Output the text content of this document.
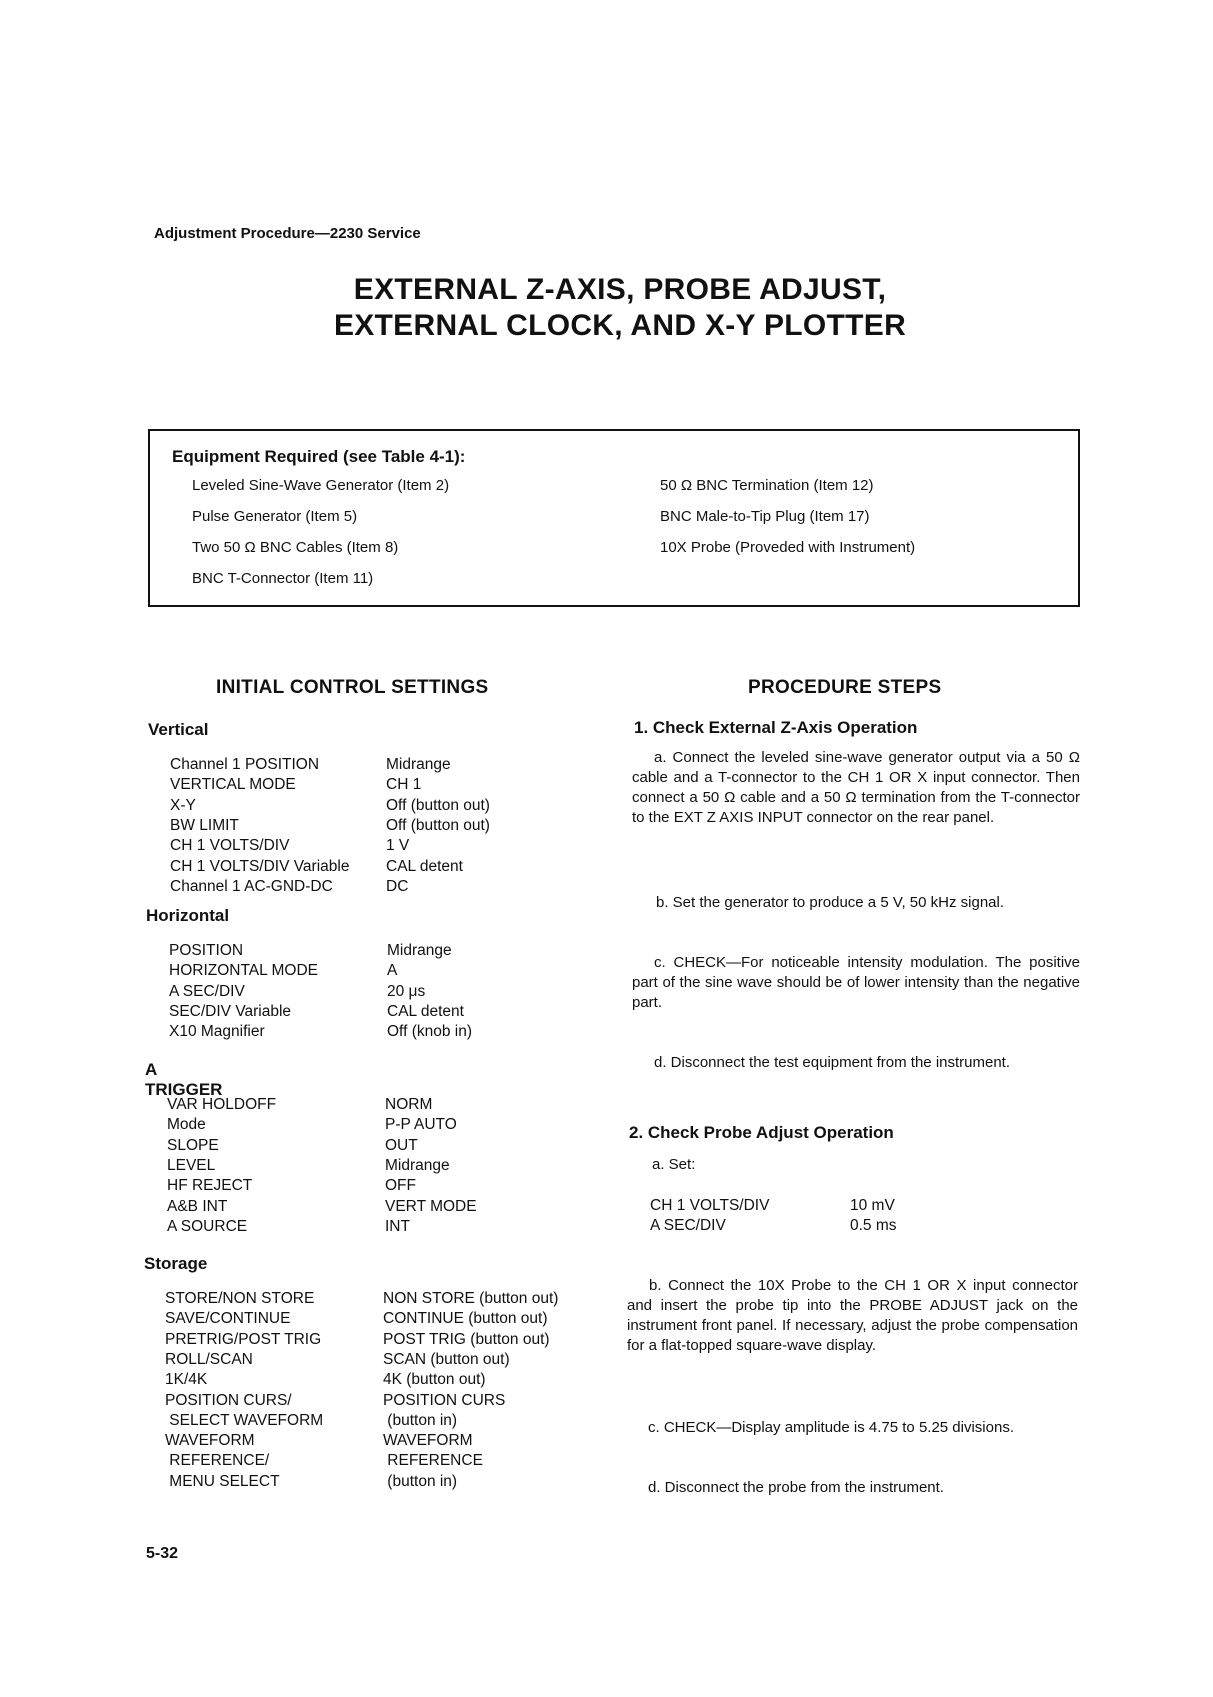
Adjustment Procedure—2230 Service
EXTERNAL Z-AXIS, PROBE ADJUST,
EXTERNAL CLOCK, AND X-Y PLOTTER
Equipment Required (see Table 4-1):
Leveled Sine-Wave Generator (Item 2)
Pulse Generator (Item 5)
Two 50 Ω BNC Cables (Item 8)
BNC T-Connector (Item 11)
50 Ω BNC Termination (Item 12)
BNC Male-to-Tip Plug (Item 17)
10X Probe (Proveded with Instrument)
INITIAL CONTROL SETTINGS	PROCEDURE STEPS
Vertical
Channel 1 POSITION	Midrange
VERTICAL MODE	CH 1
X-Y	Off (button out)
BW LIMIT	Off (button out)
CH 1 VOLTS/DIV	1 V
CH 1 VOLTS/DIV Variable CAL detent
Channel 1 AC-GND-DC	DC
Horizontal
POSITION	Midrange
HORIZONTAL MODE	A
A SEC/DIV	20 μs
SEC/DIV Variable	CAL detent
X10 Magnifier	Off (knob in)
A TRIGGER
VAR HOLDOFF	NORM
Mode	P-P AUTO
SLOPE	OUT
LEVEL	Midrange
HF REJECT	OFF
A&B INT	VERT MODE
A SOURCE	INT
Storage
STORE/NON STORE	NON STORE (button out)
SAVE/CONTINUE	CONTINUE (button out)
PRETRIG/POST TRIG	POST TRIG (button out)
ROLL/SCAN	SCAN (button out)
1K/4K	4K (button out)
POSITION CURS/	POSITION CURS
SELECT WAVEFORM	(button in)
WAVEFORM	WAVEFORM
REFERENCE/	REFERENCE
MENU SELECT	(button in)
1. Check External Z-Axis Operation
a. Connect the leveled sine-wave generator output via a 50 Ω cable and a T-connector to the CH 1 OR X input connector. Then connect a 50 Ω cable and a 50 Ω termination from the T-connector to the EXT Z AXIS INPUT connector on the rear panel.
b. Set the generator to produce a 5 V, 50 kHz signal.
c. CHECK—For noticeable intensity modulation. The positive part of the sine wave should be of lower intensity than the negative part.
d. Disconnect the test equipment from the instrument.
2. Check Probe Adjust Operation
a. Set:
CH 1 VOLTS/DIV	10 mV
A SEC/DIV	0.5 ms
b. Connect the 10X Probe to the CH 1 OR X input connector and insert the probe tip into the PROBE ADJUST jack on the instrument front panel. If necessary, adjust the probe compensation for a flat-topped square-wave display.
c. CHECK—Display amplitude is 4.75 to 5.25 divisions.
d. Disconnect the probe from the instrument.
5-32
